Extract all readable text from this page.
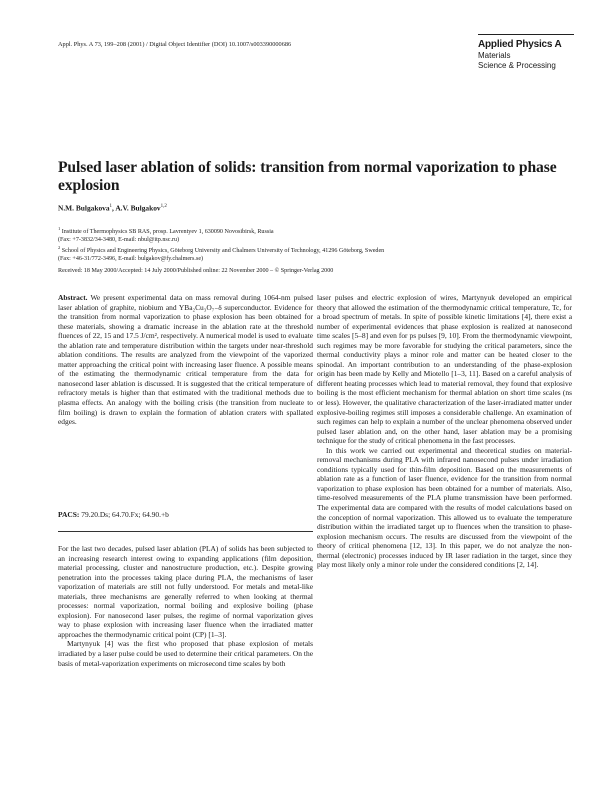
Appl. Phys. A 73, 199–208 (2001) / Digital Object Identifier (DOI) 10.1007/s003390000686	Applied Physics A
Materials
Science & Processing
Pulsed laser ablation of solids: transition from normal vaporization to phase explosion
N.M. Bulgakova$^1$, A.V. Bulgakov$^{1,2}$
$^1$ Institute of Thermophysics SB RAS, prosp. Lavrentyev 1, 630090 Novosibirsk, Russia
(Fax: +7-3832/34-3480, E-mail: nbul@itp.nsc.ru)
$^2$ School of Physics and Engineering Physics, Göteborg University and Chalmers University of Technology, 41296 Göteborg, Sweden
(Fax: +46-31/772-3496, E-mail: bulgakov@fy.chalmers.se)
Received: 18 May 2000/Accepted: 14 July 2000/Published online: 22 November 2000 – © Springer-Verlag 2000

Abstract. We present experimental data on mass removal during 1064-nm pulsed laser ablation of graphite, niobium and YBa₂Cu₃O₇₋δ superconductor. Evidence for the transition from normal vaporization to phase explosion has been obtained for these materials, showing a dramatic increase in the ablation rate at the threshold fluences of 22, 15 and 17.5 J/cm², respectively. A numerical model is used to evaluate the ablation rate and temperature distribution within the targets under near-threshold ablation conditions. The results are analyzed from the viewpoint of the vaporized matter approaching the critical point with increasing laser fluence. A possible means of the estimating the thermodynamic critical temperature from the data for nanosecond laser ablation is discussed. It is suggested that the critical temperature of refractory metals is higher than that estimated with the traditional methods due to plasma effects. An analogy with the boiling crisis (the transition from nucleate to film boiling) is drawn to explain the formation of ablation craters with spallated edges.

PACS: 79.20.Ds; 64.70.Fx; 64.90.+b

For the last two decades, pulsed laser ablation (PLA) of solids has been subjected to an increasing research interest owing to expanding applications (film deposition, material processing, cluster and nanostructure production, etc.). Despite growing penetration into the processes taking place during PLA, the mechanisms of laser vaporization of materials are still not fully understood. For metals and metal-like materials, three mechanisms are generally referred to when looking at thermal processes: normal vaporization, normal boiling and explosive boiling (phase explosion). For nanosecond laser pulses, the regime of normal vaporization gives way to phase explosion with increasing laser fluence when the irradiated matter approaches the thermodynamic critical point (CP) [1–3].

Martynyuk [4] was the first who proposed that phase explosion of metals irradiated by a laser pulse could be used to determine their critical parameters. On the basis of metal-vaporization experiments on microsecond time scales by both

laser pulses and electric explosion of wires, Martynyuk developed an empirical theory that allowed the estimation of the thermodynamic critical temperature, Tc, for a broad spectrum of metals. In spite of possible kinetic limitations [4], there exist a number of experimental evidences that phase explosion is realized at nanosecond time scales [5–8] and even for ps pulses [9, 10]. From the thermodynamic viewpoint, such regimes may be more favorable for studying the critical parameters, since the thermal conductivity plays a minor role and matter can be heated closer to the spinodal. An important contribution to an understanding of the phase-explosion origin has been made by Kelly and Miotello [1–3, 11]. Based on a careful analysis of different heating processes which lead to material removal, they found that explosive boiling is the most efficient mechanism for thermal ablation on short time scales (ns or less). However, the qualitative characterization of the laser-irradiated matter under explosive-boiling regimes still imposes a considerable challenge. An examination of such regimes can help to explain a number of the unclear phenomena observed under pulsed laser ablation and, on the other hand, laser ablation may be a promising technique for the study of critical phenomena in the fast processes.

In this work we carried out experimental and theoretical studies on material-removal mechanisms during PLA with infrared nanosecond pulses under irradiation conditions typically used for thin-film deposition. Based on the measurements of ablation rate as a function of laser fluence, evidence for the transition from normal vaporization to phase explosion has been obtained for a number of materials. Also, time-resolved measurements of the PLA plume transmission have been performed. The experimental data are compared with the results of model calculations based on the conception of normal vaporization. This allowed us to evaluate the temperature distribution within the irradiated target up to fluences when the transition to phase-explosion mechanism occurs. The results are discussed from the viewpoint of the theory of critical phenomena [12, 13]. In this paper, we do not analyze the non-thermal (electronic) processes induced by IR laser radiation in the target, since they play most likely only a minor role under the considered conditions [2, 14].
